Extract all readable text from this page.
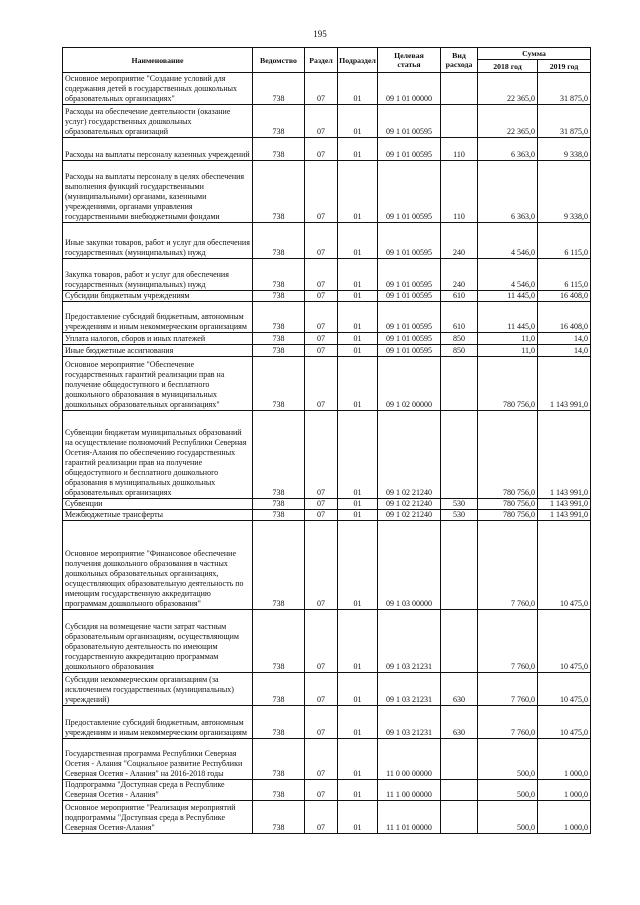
195
Наименование	Ведомство	Раздел	Подраздел	Целевая статья	Вид расхода	Сумма	
						2018 год	2019 год
Основное мероприятие "Создание условий для содержания детей в государственных дошкольных образовательных организациях"	738	07	01	09 1 01 00000		22 365,0	31 875,0
Расходы на обеспечение деятельности (оказание услуг) государственных дошкольных образовательных организаций	738	07	01	09 1 01 00595		22 365,0	31 875,0
Расходы на выплаты персоналу казенных учреждений	738	07	01	09 1 01 00595	110	6 363,0	9 338,0
Расходы на выплаты персоналу в целях обеспечения выполнения функций государственными (муниципальными) органами, казенными учреждениями, органами управления государственными внебюджетными фондами	738	07	01	09 1 01 00595	110	6 363,0	9 338,0
Иные закупки товаров, работ и услуг для обеспечения государственных (муниципальных) нужд	738	07	01	09 1 01 00595	240	4 546,0	6 115,0
Закупка товаров, работ и услуг для обеспечения государственных (муниципальных) нужд	738	07	01	09 1 01 00595	240	4 546,0	6 115,0
Субсидии бюджетным учреждениям	738	07	01	09 1 01 00595	610	11 445,0	16 408,0
Предоставление субсидий бюджетным, автономным учреждениям и иным некоммерческим организациям	738	07	01	09 1 01 00595	610	11 445,0	16 408,0
Уплата налогов, сборов и иных платежей	738	07	01	09 1 01 00595	850	11,0	14,0
Иные бюджетные ассигнования	738	07	01	09 1 01 00595	850	11,0	14,0
Основное мероприятие "Обеспечение государственных гарантий реализации прав на получение общедоступного и бесплатного дошкольного образования в муниципальных дошкольных образовательных организациях"	738	07	01	09 1 02 00000		780 756,0	1 143 991,0
Субвенции бюджетам муниципальных образований на осуществление полномочий Республики Северная Осетия-Алания по обеспечению государственных гарантий реализации прав на получение общедоступного и бесплатного дошкольного образования в муниципальных дошкольных образовательных организациях	738	07	01	09 1 02 21240		780 756,0	1 143 991,0
Субвенции	738	07	01	09 1 02 21240	530	780 756,0	1 143 991,0
Межбюджетные трансферты	738	07	01	09 1 02 21240	530	780 756,0	1 143 991,0
Основное мероприятие "Финансовое обеспечение получения дошкольного образования в частных дошкольных образовательных организациях, осуществляющих образовательную деятельность по имеющим государственную аккредитацию программам дошкольного образования"	738	07	01	09 1 03 00000		7 760,0	10 475,0
Субсидия на возмещение части затрат частным образовательным организациям, осуществляющим образовательную деятельность по имеющим государственную аккредитацию программам дошкольного образования	738	07	01	09 1 03 21231		7 760,0	10 475,0
Субсидии некоммерческим организациям (за исключением государственных (муниципальных) учреждений)	738	07	01	09 1 03 21231	630	7 760,0	10 475,0
Предоставление субсидий бюджетным, автономным учреждениям и иным некоммерческим организациям	738	07	01	09 1 03 21231	630	7 760,0	10 475,0
Государственная программа Республики Северная Осетия - Алания "Социальное развитие Республики Северная Осетия - Алания" на 2016-2018 годы	738	07	01	11 0 00 00000		500,0	1 000,0
Подпрограмма "Доступная среда в Республике Северная Осетия - Алания"	738	07	01	11 1 00 00000		500,0	1 000,0
Основное мероприятие "Реализация мероприятий подпрограммы "Доступная среда в Республике Северная Осетия-Алания"	738	07	01	11 1 01 00000		500,0	1 000,0
